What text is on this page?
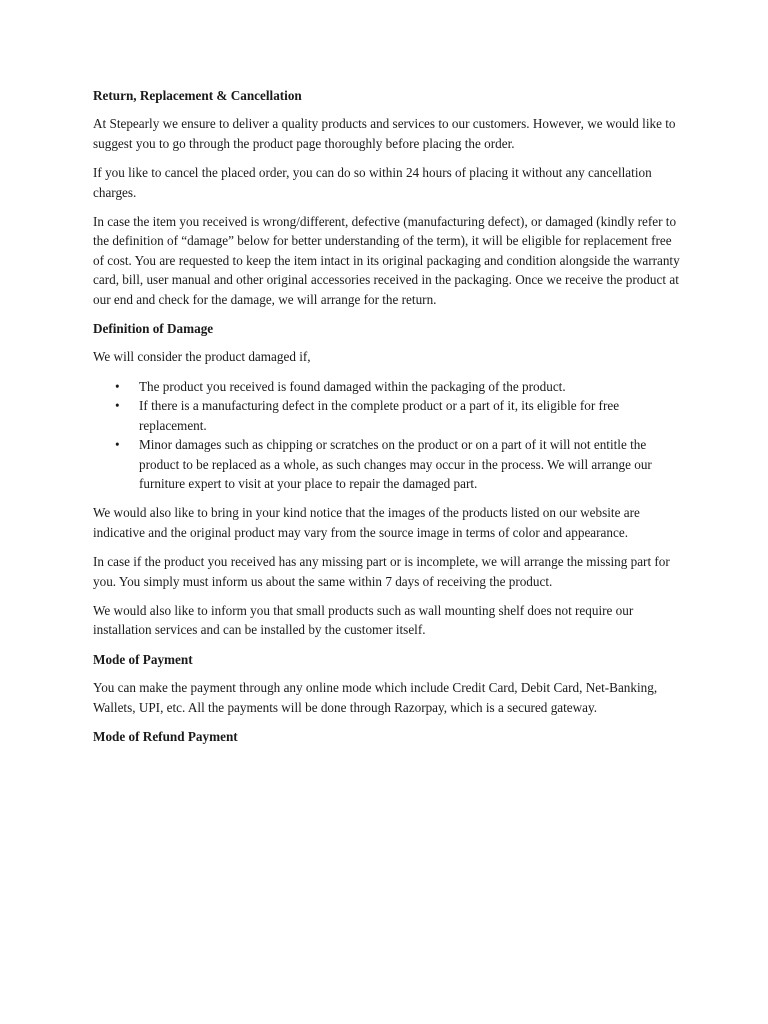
Return, Replacement & Cancellation

At Stepearly we ensure to deliver a quality products and services to our customers. However, we would like to suggest you to go through the product page thoroughly before placing the order.

If you like to cancel the placed order, you can do so within 24 hours of placing it without any cancellation charges.

In case the item you received is wrong/different, defective (manufacturing defect), or damaged (kindly refer to the definition of “damage” below for better understanding of the term), it will be eligible for replacement free of cost. You are requested to keep the item intact in its original packaging and condition alongside the warranty card, bill, user manual and other original accessories received in the packaging. Once we receive the product at our end and check for the damage, we will arrange for the return.

Definition of Damage

We will consider the product damaged if,

• The product you received is found damaged within the packaging of the product.
• If there is a manufacturing defect in the complete product or a part of it, its eligible for free replacement.
• Minor damages such as chipping or scratches on the product or on a part of it will not entitle the product to be replaced as a whole, as such changes may occur in the process. We will arrange our furniture expert to visit at your place to repair the damaged part.

We would also like to bring in your kind notice that the images of the products listed on our website are indicative and the original product may vary from the source image in terms of color and appearance.

In case if the product you received has any missing part or is incomplete, we will arrange the missing part for you. You simply must inform us about the same within 7 days of receiving the product.

We would also like to inform you that small products such as wall mounting shelf does not require our installation services and can be installed by the customer itself.

Mode of Payment

You can make the payment through any online mode which include Credit Card, Debit Card, Net-Banking, Wallets, UPI, etc. All the payments will be done through Razorpay, which is a secured gateway.

Mode of Refund Payment
